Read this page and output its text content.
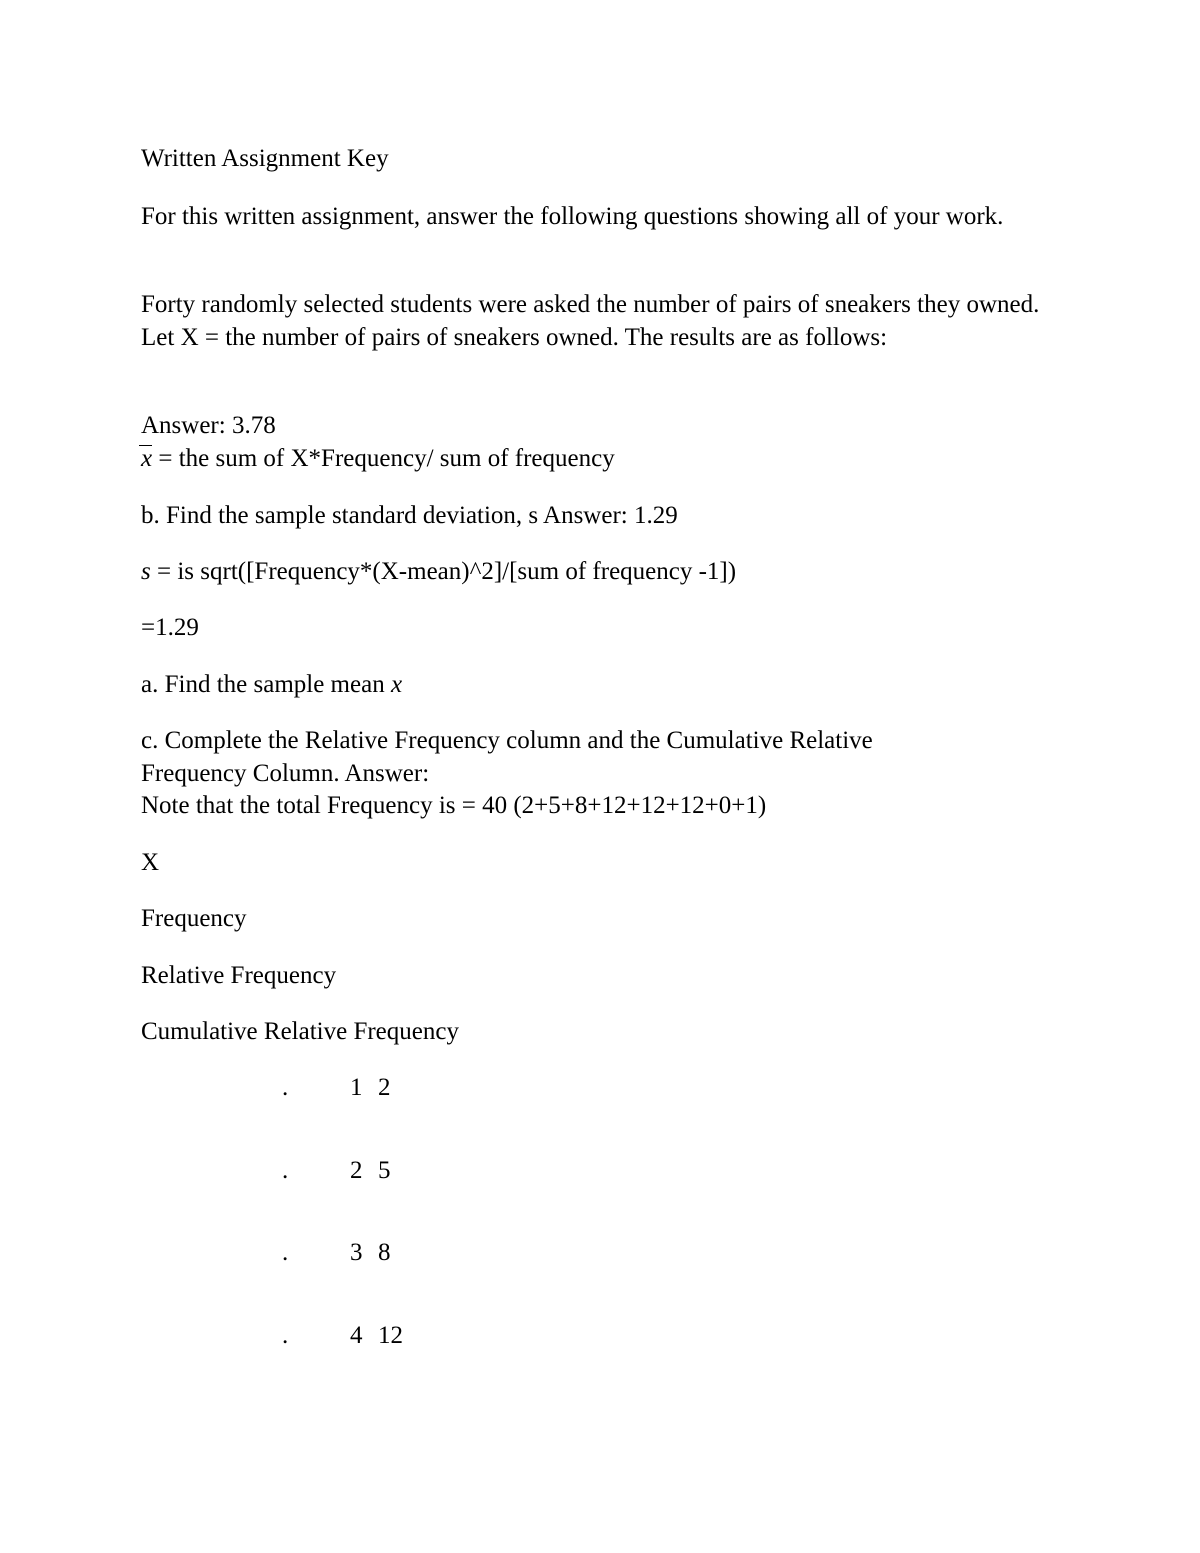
Written Assignment Key
For this written assignment, answer the following questions showing all of your work.
Forty randomly selected students were asked the number of pairs of sneakers they owned. Let X = the number of pairs of sneakers owned. The results are as follows:
Answer: 3.78
x = the sum of X*Frequency/ sum of frequency
b. Find the sample standard deviation, s Answer: 1.29
s = is sqrt([Frequency*(X-mean)^2]/[sum of frequency -1])
=1.29
a. Find the sample mean x
c. Complete the Relative Frequency column and the Cumulative Relative
Frequency Column. Answer:
Note that the total Frequency is = 40 (2+5+8+12+12+12+0+1)
X
Frequency
Relative Frequency
Cumulative Relative Frequency
. 1 2
. 2 5
. 3 8
. 4 12
